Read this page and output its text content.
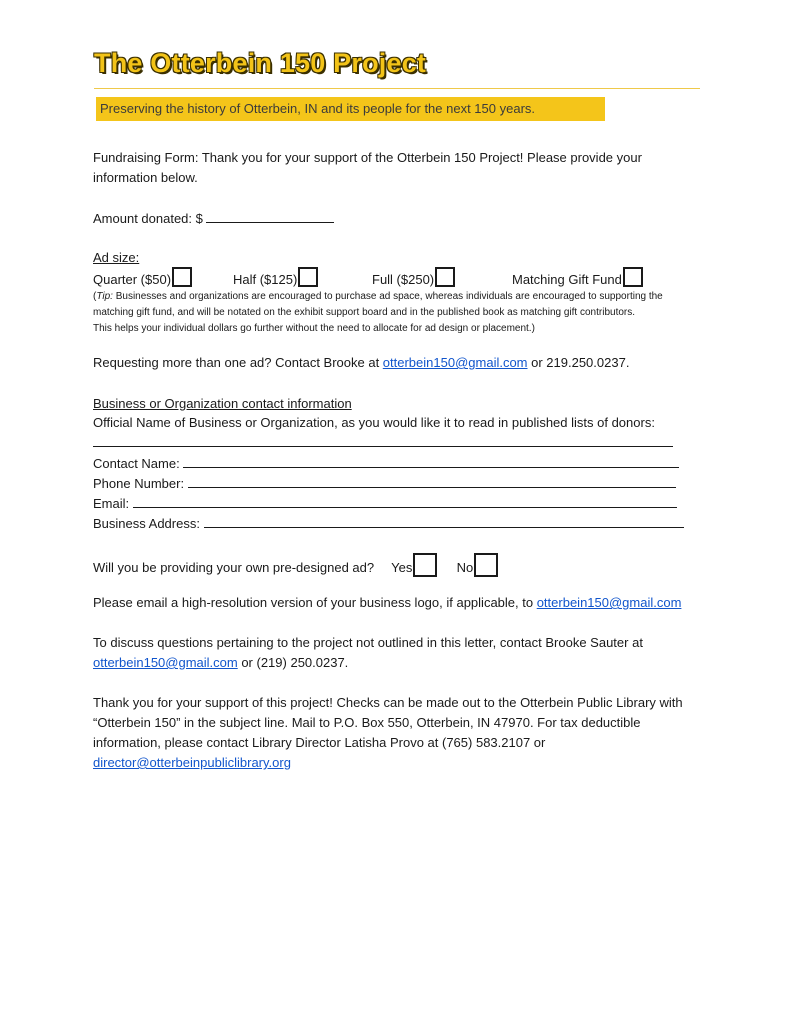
The Otterbein 150 Project
Preserving the history of Otterbein, IN and its people for the next 150 years.
Fundraising Form: Thank you for your support of the Otterbein 150 Project! Please provide your
information below.
Amount donated: $
Ad size:
Quarter ($50)	Half ($125)	Full ($250)	Matching Gift Fund
(Tip: Businesses and organizations are encouraged to purchase ad space, whereas individuals are encouraged to supporting the
matching gift fund, and will be notated on the exhibit support board and in the published book as matching gift contributors.
This helps your individual dollars go further without the need to allocate for ad design or placement.)
Requesting more than one ad? Contact Brooke at otterbein150@gmail.com or 219.250.0237.
Business or Organization contact information
Official Name of Business or Organization, as you would like it to read in published lists of donors:
Contact Name:
Phone Number:
Email:
Business Address:
Will you be providing your own pre-designed ad? Yes	No
Please email a high-resolution version of your business logo, if applicable, to otterbein150@gmail.com
To discuss questions pertaining to the project not outlined in this letter, contact Brooke Sauter at
otterbein150@gmail.com or (219) 250.0237.
Thank you for your support of this project! Checks can be made out to the Otterbein Public Library with
“Otterbein 150” in the subject line. Mail to P.O. Box 550, Otterbein, IN 47970. For tax deductible
information, please contact Library Director Latisha Provo at (765) 583.2107 or
director@otterbeinpubliclibrary.org
